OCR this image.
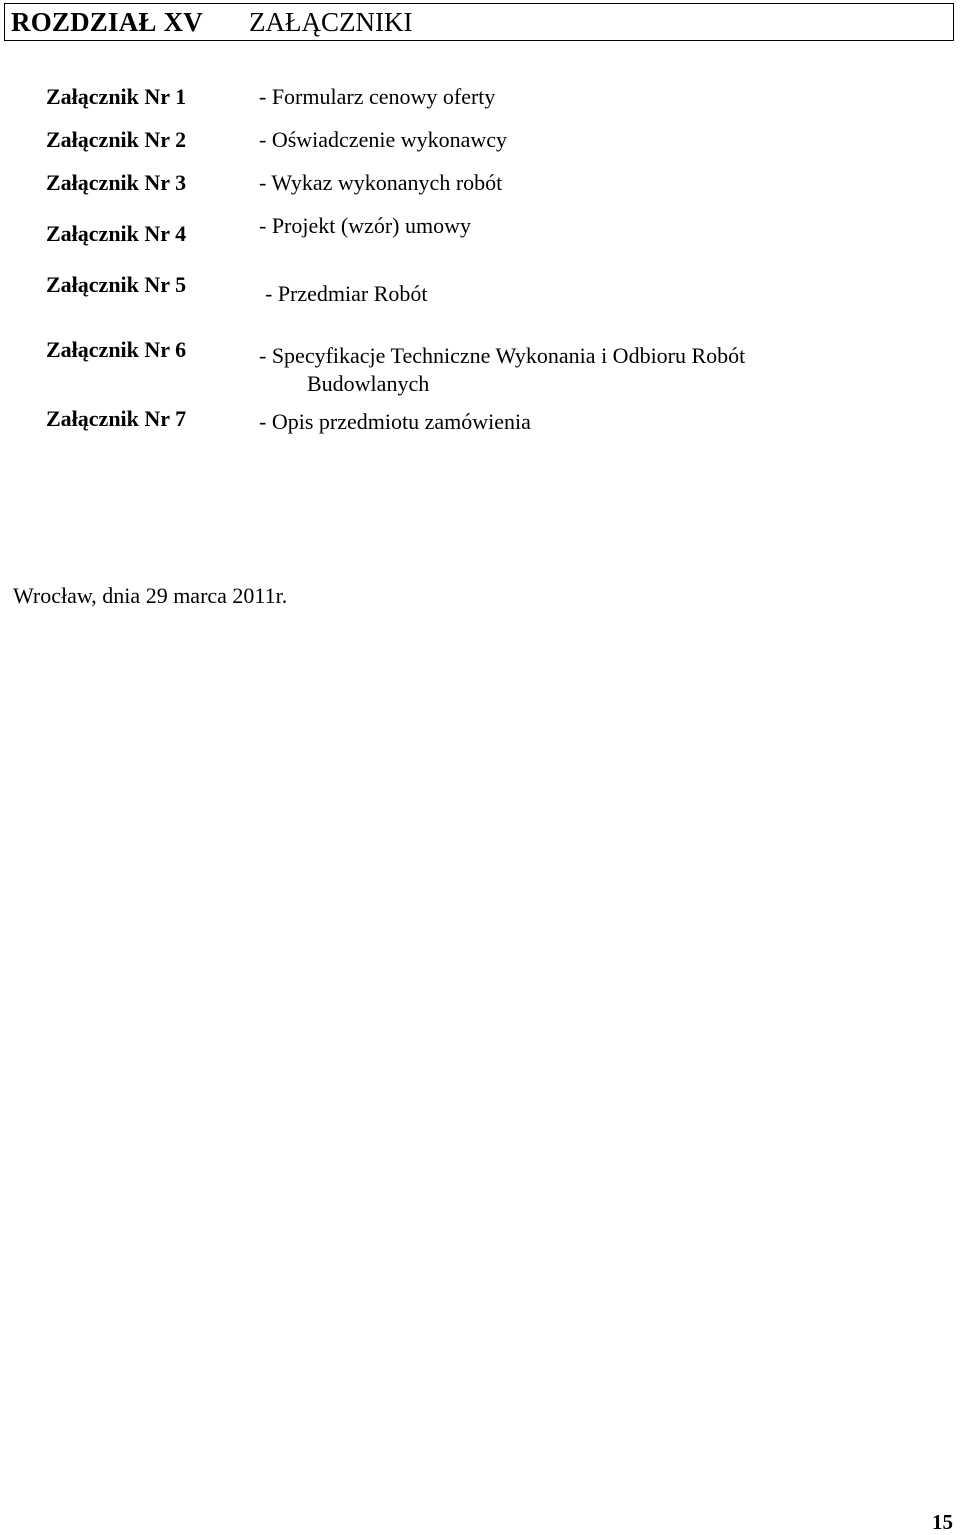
ROZDZIAŁ XV ZAŁĄCZNIKI
Załącznik Nr 1	- Formularz cenowy oferty
Załącznik Nr 2	- Oświadczenie wykonawcy
Załącznik Nr 3	- Wykaz wykonanych robót
Załącznik Nr 4	- Projekt (wzór) umowy
Załącznik Nr 5	- Przedmiar Robót
Załącznik Nr 6	- Specyfikacje Techniczne Wykonania i Odbioru Robót
Budowlanych
Załącznik Nr 7	- Opis przedmiotu zamówienia
Wrocław, dnia 29 marca 2011r.
15
